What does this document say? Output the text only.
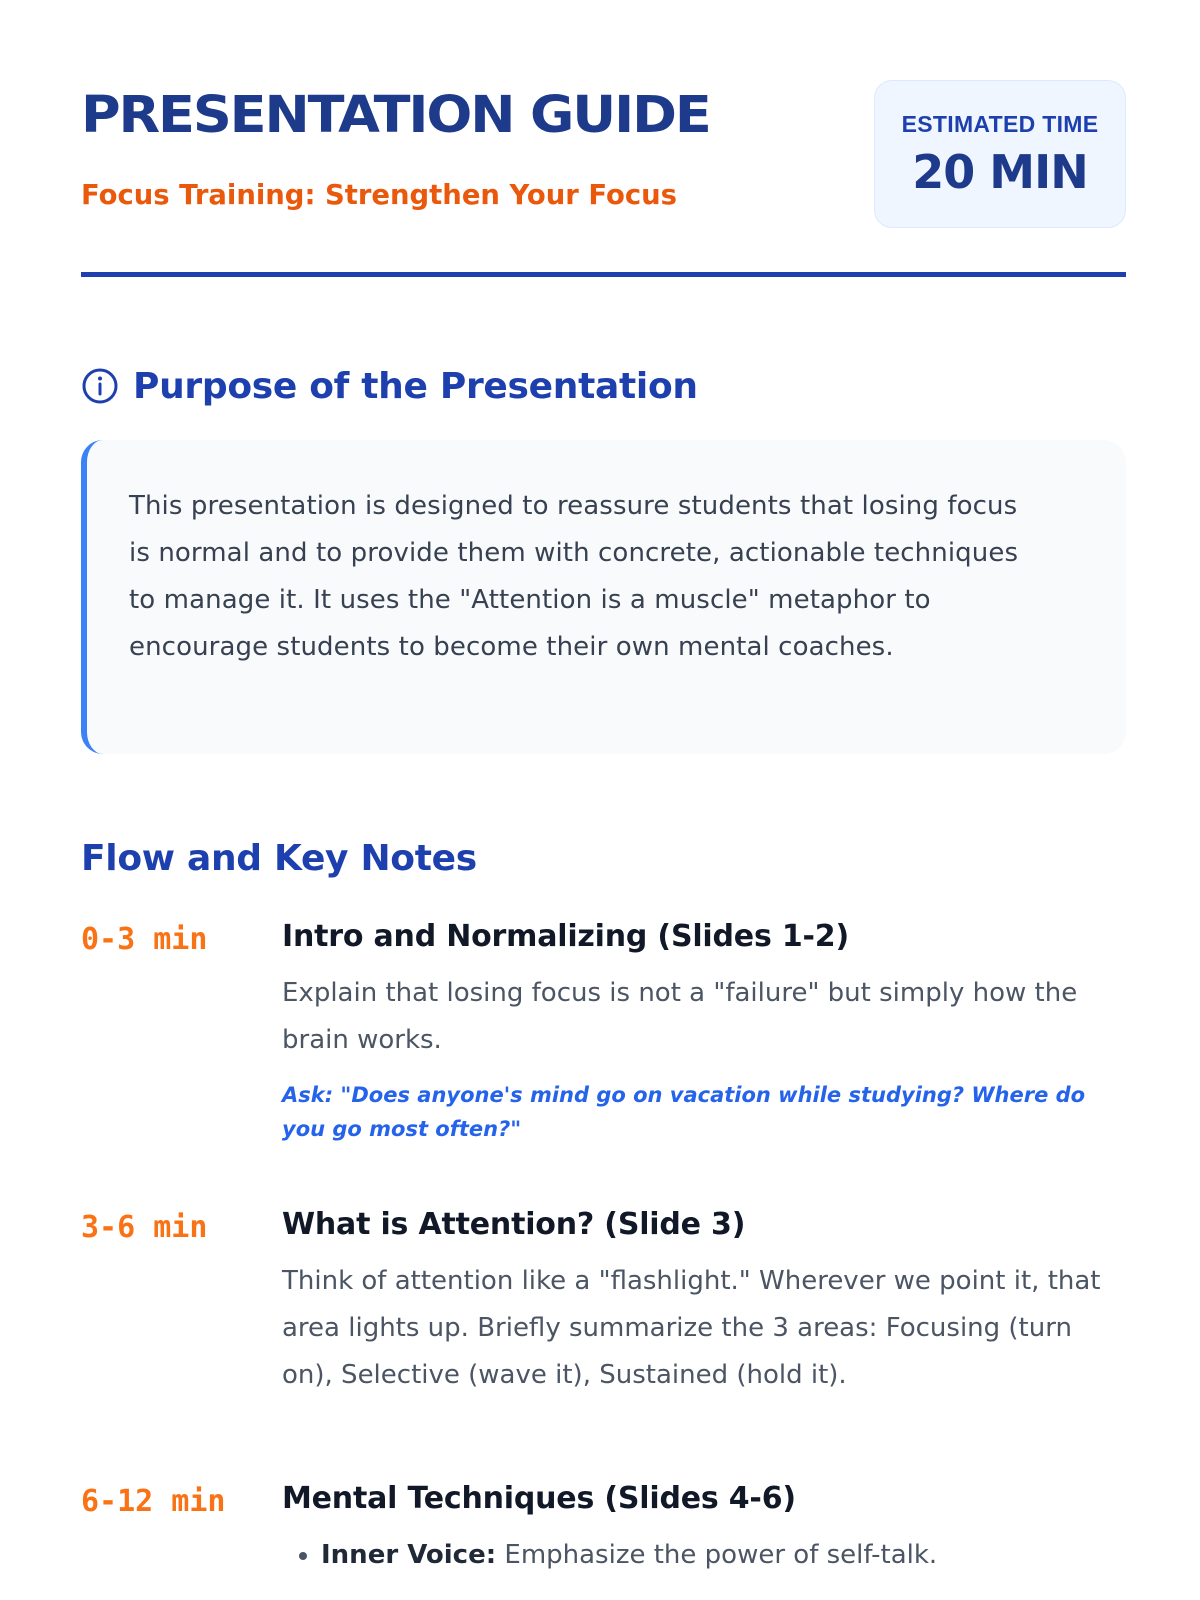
PRESENTATION GUIDE
Focus Training: Strengthen Your Focus
ESTIMATED TIME
20 MIN
Purpose of the Presentation

This presentation is designed to reassure students that losing focus is normal and to provide them with concrete, actionable techniques to manage it. It uses the "Attention is a muscle" metaphor to encourage students to become their own mental coaches.

Flow and Key Notes
0-3 min Intro and Normalizing (Slides 1-2)

Explain that losing focus is not a "failure" but simply how the brain works.

Ask: "Does anyone's mind go on vacation while studying? Where do you go most often?"

3-6 min What is Attention? (Slide 3)

Think of attention like a "flashlight." Wherever we point it, that area lights up. Briefly summarize the 3 areas: Focusing (turn on), Selective (wave it), Sustained (hold it).

6-12 min Mental Techniques (Slides 4-6)
• Inner Voice: Emphasize the power of self-talk.
